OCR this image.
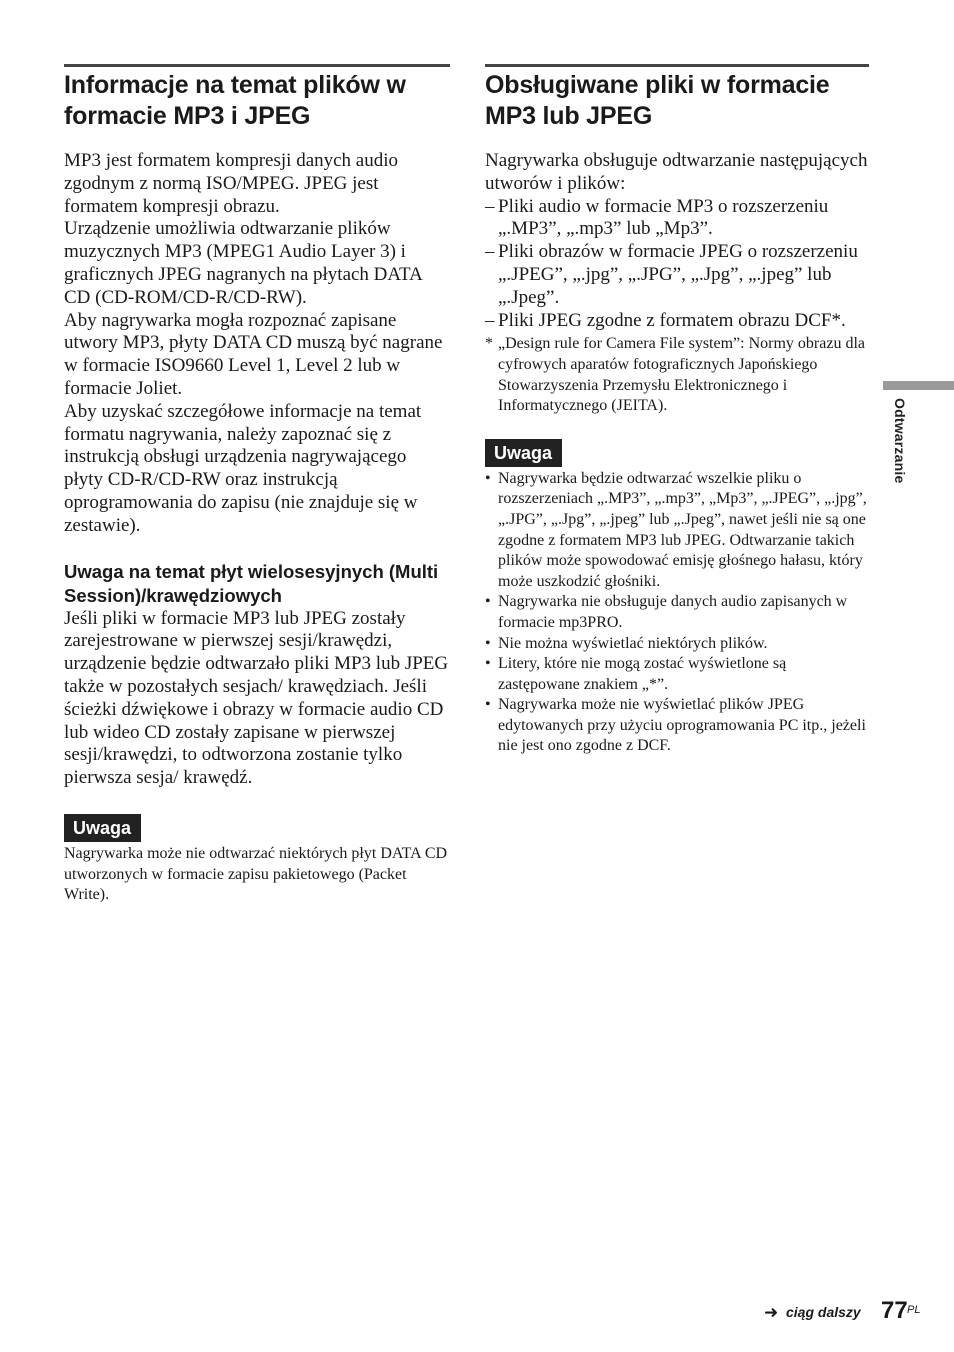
Informacje na temat plików w formacie MP3 i JPEG

MP3 jest formatem kompresji danych audio zgodnym z normą ISO/MPEG. JPEG jest formatem kompresji obrazu.

Urządzenie umożliwia odtwarzanie plików muzycznych MP3 (MPEG1 Audio Layer 3) i graficznych JPEG nagranych na płytach DATA CD (CD-ROM/CD-R/CD-RW).

Aby nagrywarka mogła rozpoznać zapisane utwory MP3, płyty DATA CD muszą być nagrane w formacie ISO9660 Level 1, Level 2 lub w formacie Joliet.

Aby uzyskać szczegółowe informacje na temat formatu nagrywania, należy zapoznać się z instrukcją obsługi urządzenia nagrywającego płyty CD-R/CD-RW oraz instrukcją oprogramowania do zapisu (nie znajduje się w zestawie).

Uwaga na temat płyt wielosesyjnych (Multi Session)/krawędziowych

Jeśli pliki w formacie MP3 lub JPEG zostały zarejestrowane w pierwszej sesji/krawędzi, urządzenie będzie odtwarzało pliki MP3 lub JPEG także w pozostałych sesjach/ krawędziach. Jeśli ścieżki dźwiękowe i obrazy w formacie audio CD lub wideo CD zostały zapisane w pierwszej sesji/krawędzi, to odtworzona zostanie tylko pierwsza sesja/ krawędź.

Uwaga

Nagrywarka może nie odtwarzać niektórych płyt DATA CD utworzonych w formacie zapisu pakietowego (Packet Write).

Obsługiwane pliki w formacie MP3 lub JPEG

Nagrywarka obsługuje odtwarzanie następujących utworów i plików:

– Pliki audio w formacie MP3 o rozszerzeniu „.MP3”, „.mp3” lub „Mp3”.
– Pliki obrazów w formacie JPEG o rozszerzeniu „.JPEG”, „.jpg”, „.JPG”, „.Jpg”, „.jpeg” lub „.Jpeg”.
– Pliki JPEG zgodne z formatem obrazu DCF*.
* „Design rule for Camera File system”: Normy obrazu dla cyfrowych aparatów fotograficznych Japońskiego Stowarzyszenia Przemysłu Elektronicznego i Informatycznego (JEITA).
Uwaga
• Nagrywarka będzie odtwarzać wszelkie pliku o rozszerzeniach „.MP3”, „.mp3”, „Mp3”, „.JPEG”, „.jpg”, „.JPG”, „.Jpg”, „.jpeg” lub „.Jpeg”, nawet jeśli nie są one zgodne z formatem MP3 lub JPEG. Odtwarzanie takich plików może spowodować emisję głośnego hałasu, który może uszkodzić głośniki.
• Nagrywarka nie obsługuje danych audio zapisanych w formacie mp3PRO.
• Nie można wyświetlać niektórych plików.
• Litery, które nie mogą zostać wyświetlone są zastępowane znakiem „*”.
• Nagrywarka może nie wyświetlać plików JPEG edytowanych przy użyciu oprogramowania PC itp., jeżeli nie jest ono zgodne z DCF.
Odtwarzanie
➜ ciąg dalszy 77 PL
